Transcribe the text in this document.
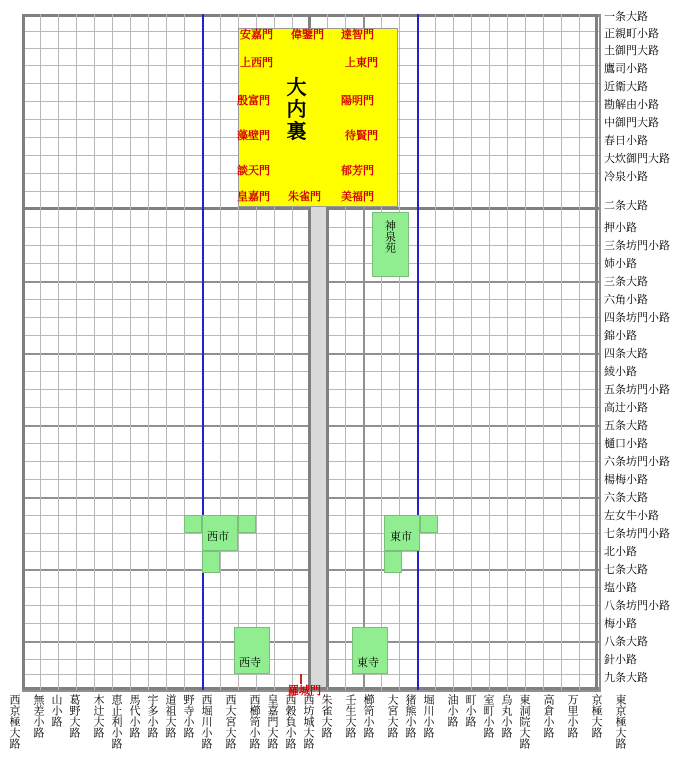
大内裏
安嘉門 偉鑒門 達智門
上西門	上東門
殷富門	陽明門
藻壁門	待賢門
談天門	郁芳門
皇嘉門 朱雀門 美福門
神泉苑
西市	東市
西寺	東寺
羅城門
一条大路
正親町小路
土御門大路
鷹司小路
近衛大路
勘解由小路
中御門大路
春日小路
大炊御門大路
冷泉小路
二条大路
押小路
三条坊門小路
姉小路
三条大路
六角小路
四条坊門小路
錦小路
四条大路
綾小路
五条坊門小路
高辻小路
五条大路
樋口小路
六条坊門小路
楊梅小路
六条大路
左女牛小路
七条坊門小路
北小路
七条大路
塩小路
八条坊門小路
梅小路
八条大路
針小路
九条大路
西京極大路 無差小路 山小路 葛野大路 木辻大路 恵止利小路 馬代小路 宇多小路 道祖大路 野寺小路 西堀川小路 西大宮大路 西櫛笥小路 皇嘉門大路 西穀負小路 西坊城大路 朱雀大路 壬生大路 櫛笥小路 大宮大路 猪熊小路 堀川小路 油小路 町小路 室町小路 烏丸小路 東洞院大路 高倉小路 万里小路 京極大路 東京極大路
